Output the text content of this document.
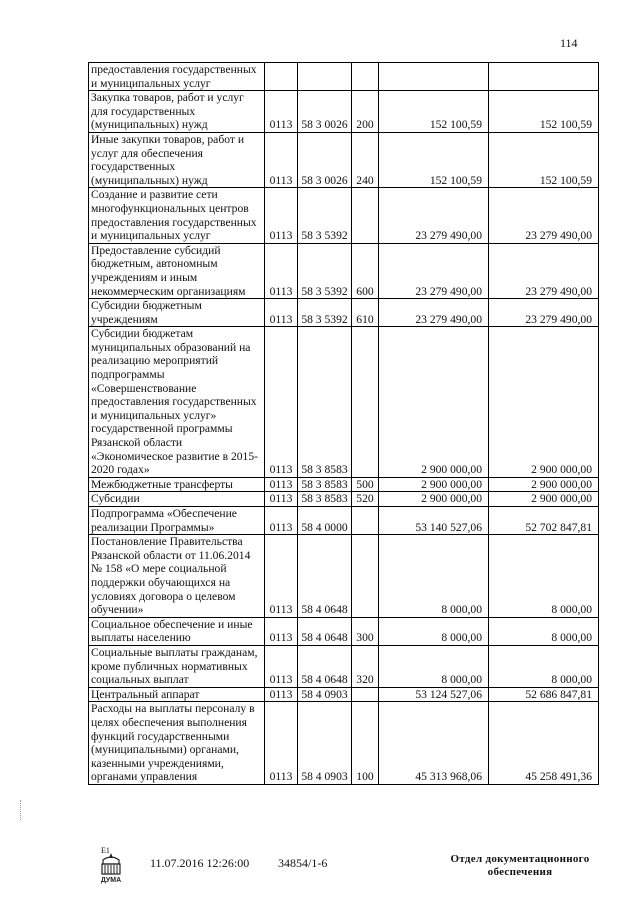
114
предоставления государственных и муниципальных услуг					
Закупка товаров, работ и услуг для государственных (муниципальных) нужд	0113	58 3 0026	200	152 100,59	152 100,59
Иные закупки товаров, работ и услуг для обеспечения государственных (муниципальных) нужд	0113	58 3 0026	240	152 100,59	152 100,59
Создание и развитие сети многофункциональных центров предоставления государственных и муниципальных услуг	0113	58 3 5392		23 279 490,00	23 279 490,00
Предоставление субсидий бюджетным, автономным учреждениям и иным некоммерческим организациям	0113	58 3 5392	600	23 279 490,00	23 279 490,00
Субсидии бюджетным учреждениям	0113	58 3 5392	610	23 279 490,00	23 279 490,00
Субсидии бюджетам муниципальных образований на реализацию мероприятий подпрограммы «Совершенствование предоставления государственных и муниципальных услуг» государственной программы Рязанской области «Экономическое развитие в 2015-2020 годах»	0113	58 3 8583		2 900 000,00	2 900 000,00
Межбюджетные трансферты	0113	58 3 8583	500	2 900 000,00	2 900 000,00
Субсидии	0113	58 3 8583	520	2 900 000,00	2 900 000,00
Подпрограмма «Обеспечение реализации Программы»	0113	58 4 0000		53 140 527,06	52 702 847,81
Постановление Правительства Рязанской области от 11.06.2014 № 158 «О мере социальной поддержки обучающихся на условиях договора о целевом обучении»	0113	58 4 0648		8 000,00	8 000,00
Социальное обеспечение и иные выплаты населению	0113	58 4 0648	300	8 000,00	8 000,00
Социальные выплаты гражданам, кроме публичных нормативных социальных выплат	0113	58 4 0648	320	8 000,00	8 000,00
Центральный аппарат	0113	58 4 0903		53 124 527,06	52 686 847,81
Расходы на выплаты персоналу в целях обеспечения выполнения функций государственными (муниципальными) органами, казенными учреждениями, органами управления	0113	58 4 0903	100	45 313 968,06	45 258 491,36
Е1
ДУМА
11.07.2016 12:26:00 34854/1-6	Отдел документационного обеспечения
